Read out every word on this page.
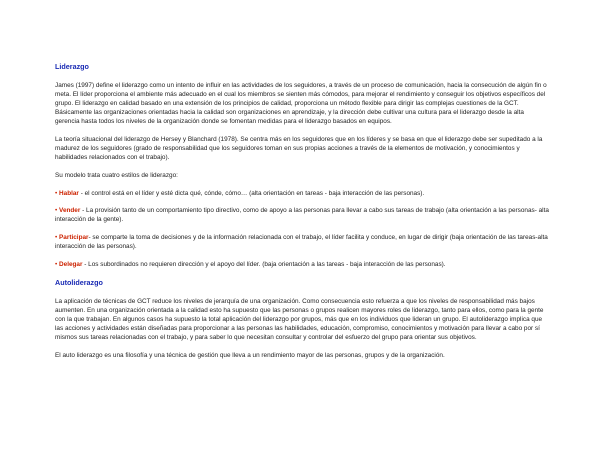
Liderazgo

James (1997) define el liderazgo como un intento de influir en las actividades de los seguidores, a través de un proceso de comunicación, hacia la consecución de algún fin o meta. El líder proporciona el ambiente más adecuado en el cual los miembros se sienten más cómodos, para mejorar el rendimiento y conseguir los objetivos específicos del grupo. El liderazgo en calidad basado en una extensión de los principios de calidad, proporciona un método flexible para dirigir las complejas cuestiones de la GCT. Básicamente las organizaciones orientadas hacia la calidad son organizaciones en aprendizaje, y la dirección debe cultivar una cultura para el liderazgo desde la alta gerencia hasta todos los niveles de la organización donde se fomentan medidas para el liderazgo basados en equipos.

La teoría situacional del liderazgo de Hersey y Blanchard (1978). Se centra más en los seguidores que en los líderes y se basa en que el liderazgo debe ser supeditado a la madurez de los seguidores (grado de responsabilidad que los seguidores toman en sus propias acciones a través de la elementos de motivación, y conocimientos y habilidades relacionados con el trabajo).

Su modelo trata cuatro estilos de liderazgo:

• Hablar - el control está en el líder y esté dicta qué, cónde, cómo… (alta orientación en tareas - baja interacción de las personas).

• Vender - La provisión tanto de un comportamiento tipo directivo, como de apoyo a las personas para llevar a cabo sus tareas de trabajo (alta orientación a las personas- alta interacción de la gente).

• Participar- se comparte la toma de decisiones y de la información relacionada con el trabajo, el líder facilita y conduce, en lugar de dirigir (baja orientación de las tareas-alta interacción de las personas).

• Delegar - Los subordinados no requieren dirección y el apoyo del líder. (baja orientación a las tareas - baja interacción de las personas).

Autoliderazgo

La aplicación de técnicas de GCT reduce los niveles de jerarquía de una organización. Como consecuencia esto refuerza a que los niveles de responsabilidad más bajos aumenten. En una organización orientada a la calidad esto ha supuesto que las personas o grupos realicen mayores roles de liderazgo, tanto para ellos, como para la gente con la que trabajan. En algunos casos ha supuesto la total aplicación del liderazgo por grupos, más que en los individuos que lideran un grupo. El autoliderazgo implica que las acciones y actividades están diseñadas para proporcionar a las personas las habilidades, educación, compromiso, conocimientos y motivación para llevar a cabo por sí mismos sus tareas relacionadas con el trabajo, y para saber lo que necesitan consultar y controlar del esfuerzo del grupo para orientar sus objetivos.

El auto liderazgo es una filosofía y una técnica de gestión que lleva a un rendimiento mayor de las personas, grupos y de la organización.
